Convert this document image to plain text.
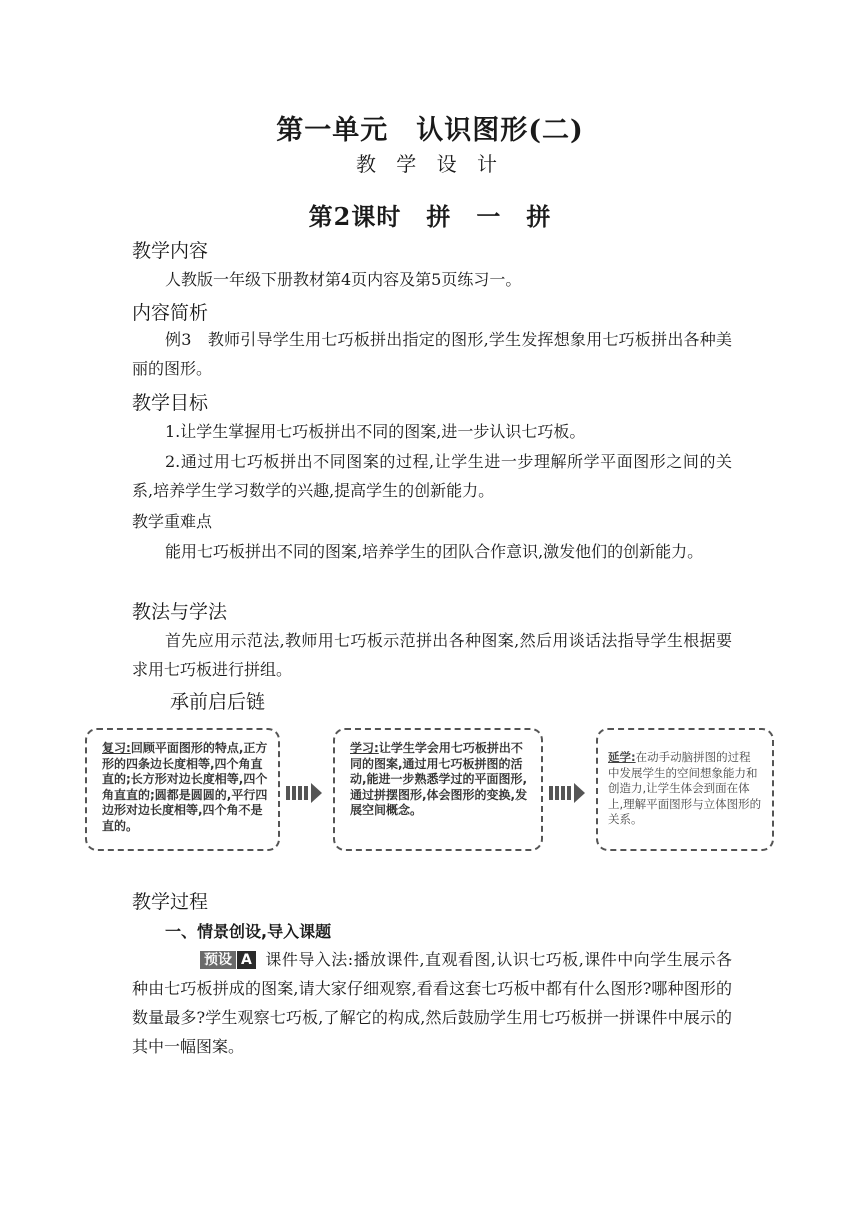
第一单元　认识图形(二)
教 学 设 计
第2课时　拼　一　拼
教学内容
人教版一年级下册教材第4页内容及第5页练习一。
内容简析
例3　教师引导学生用七巧板拼出指定的图形,学生发挥想象用七巧板拼出各种美丽的图形。
教学目标
1.让学生掌握用七巧板拼出不同的图案,进一步认识七巧板。
2.通过用七巧板拼出不同图案的过程,让学生进一步理解所学平面图形之间的关系,培养学生学习数学的兴趣,提高学生的创新能力。
教学重难点
能用七巧板拼出不同的图案,培养学生的团队合作意识,激发他们的创新能力。
教法与学法
首先应用示范法,教师用七巧板示范拼出各种图案,然后用谈话法指导学生根据要求用七巧板进行拼组。
承前启后链
复习:回顾平面图形的特点,正方形的四条边长度相等,四个角直直的;长方形对边长度相等,四个角直直的;圆都是圆圆的,平行四边形对边长度相等,四个角不是直的。
学习:让学生学会用七巧板拼出不同的图案,通过用七巧板拼图的活动,能进一步熟悉学过的平面图形,通过拼摆图形,体会图形的变换,发展空间概念。
延学:在动手动脑拼图的过程中发展学生的空间想象能力和创造力,让学生体会到面在体上,理解平面图形与立体图形的关系。
教学过程
一、情景创设,导入课题
预设 A 课件导入法:播放课件,直观看图,认识七巧板,课件中向学生展示各种由七巧板拼成的图案,请大家仔细观察,看看这套七巧板中都有什么图形?哪种图形的数量最多?学生观察七巧板,了解它的构成,然后鼓励学生用七巧板拼一拼课件中展示的其中一幅图案。
